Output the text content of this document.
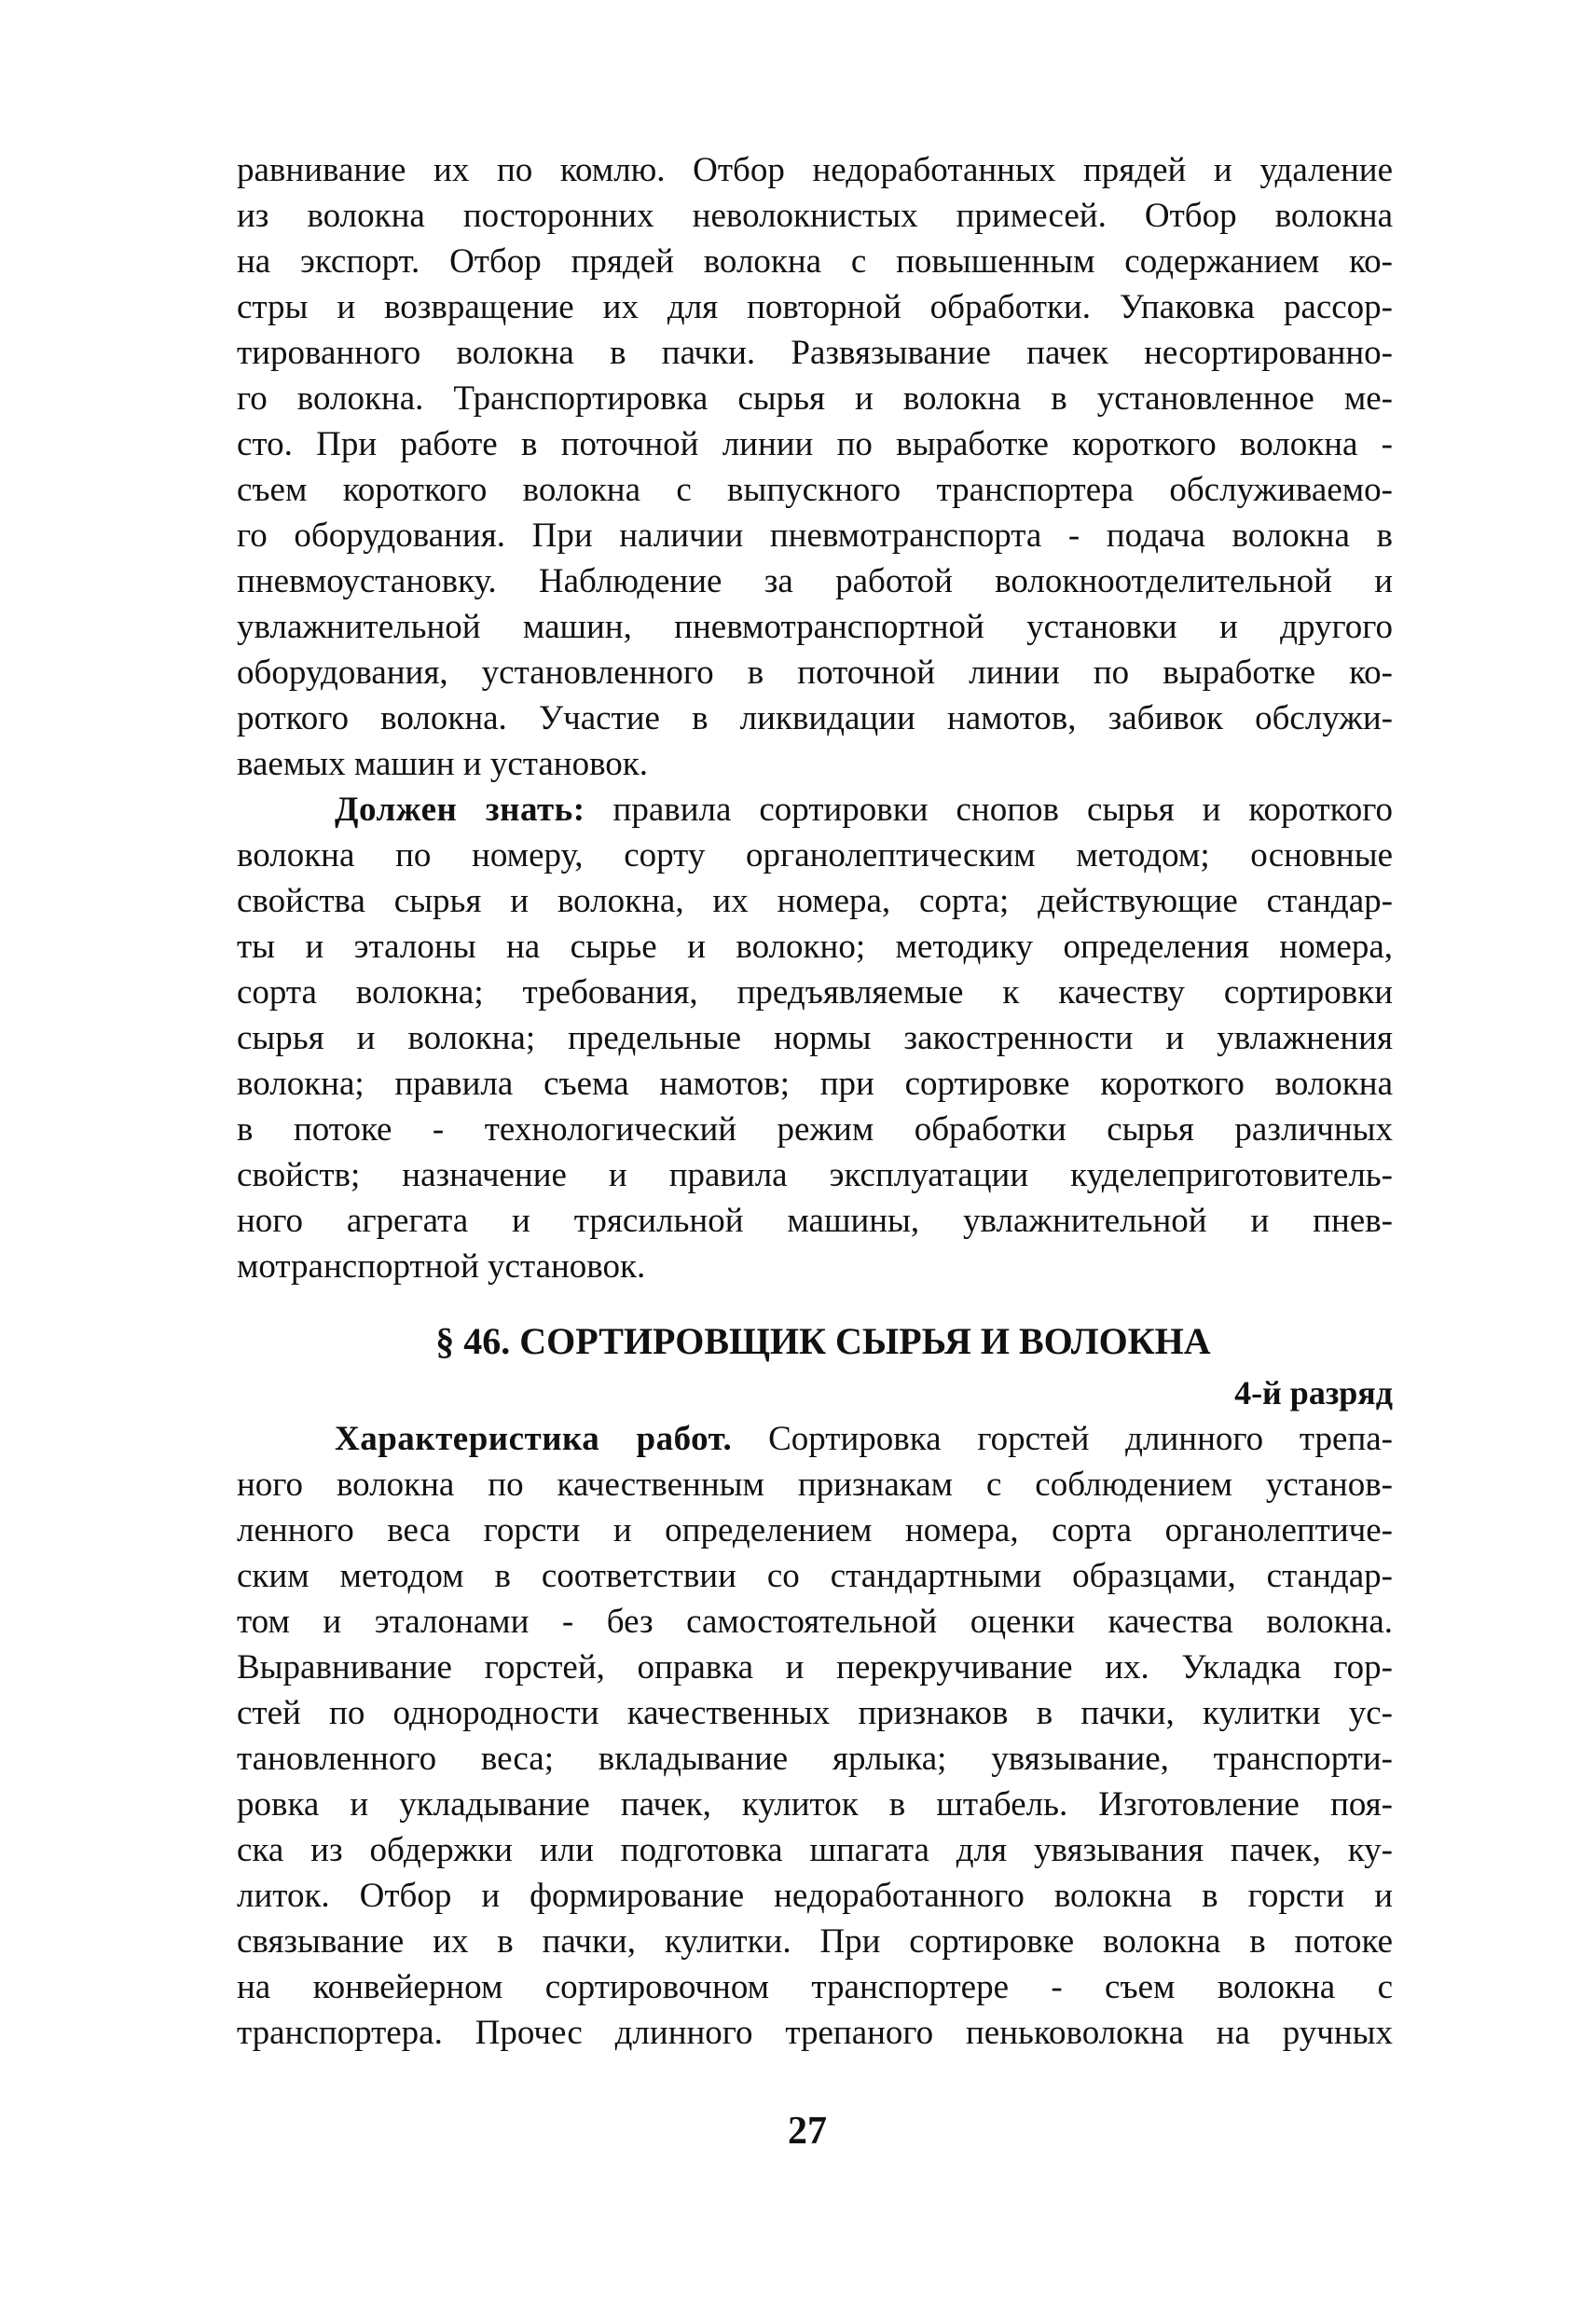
равнивание их по комлю. Отбор недоработанных прядей и удаление
из волокна посторонних неволокнистых примесей. Отбор волокна
на экспорт. Отбор прядей волокна с повышенным содержанием ко-
стры и возвращение их для повторной обработки. Упаковка рассор-
тированного волокна в пачки. Развязывание пачек несортированно-
го волокна. Транспортировка сырья и волокна в установленное ме-
сто. При работе в поточной линии по выработке короткого волокна -
съем короткого волокна с выпускного транспортера обслуживаемо-
го оборудования. При наличии пневмотранспорта - подача волокна в
пневмоустановку. Наблюдение за работой волокноотделительной и
увлажнительной машин, пневмотранспортной установки и другого
оборудования, установленного в поточной линии по выработке ко-
роткого волокна. Участие в ликвидации намотов, забивок обслужи-
ваемых машин и установок.
Должен знать: правила сортировки снопов сырья и короткого
волокна по номеру, сорту органолептическим методом; основные
свойства сырья и волокна, их номера, сорта; действующие стандар-
ты и эталоны на сырье и волокно; методику определения номера,
сорта волокна; требования, предъявляемые к качеству сортировки
сырья и волокна; предельные нормы закостренности и увлажнения
волокна; правила съема намотов; при сортировке короткого волокна
в потоке - технологический режим обработки сырья различных
свойств; назначение и правила эксплуатации куделеприготовитель-
ного агрегата и трясильной машины, увлажнительной и пнев-
мотранспортной установок.
§ 46. СОРТИРОВЩИК СЫРЬЯ И ВОЛОКНА
4-й разряд
Характеристика работ. Сортировка горстей длинного трепа-
ного волокна по качественным признакам с соблюдением установ-
ленного веса горсти и определением номера, сорта органолептиче-
ским методом в соответствии со стандартными образцами, стандар-
том и эталонами - без самостоятельной оценки качества волокна.
Выравнивание горстей, оправка и перекручивание их. Укладка гор-
стей по однородности качественных признаков в пачки, кулитки ус-
тановленного веса; вкладывание ярлыка; увязывание, транспорти-
ровка и укладывание пачек, кулиток в штабель. Изготовление поя-
ска из обдержки или подготовка шпагата для увязывания пачек, ку-
литок. Отбор и формирование недоработанного волокна в горсти и
связывание их в пачки, кулитки. При сортировке волокна в потоке
на конвейерном сортировочном транспортере - съем волокна с
транспортера. Прочес длинного трепаного пеньковолокна на ручных
27
